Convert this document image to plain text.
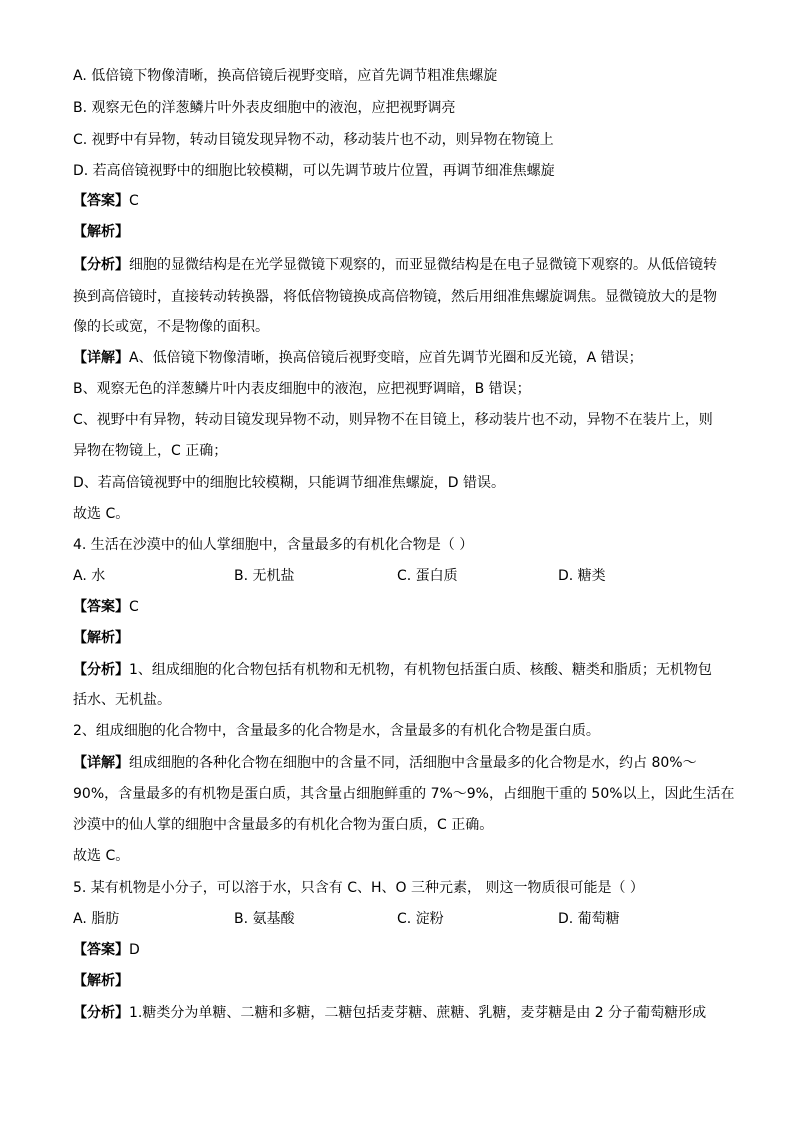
A. 低倍镜下物像清晰，换高倍镜后视野变暗，应首先调节粗准焦螺旋
B. 观察无色的洋葱鳞片叶外表皮细胞中的液泡，应把视野调亮
C. 视野中有异物，转动目镜发现异物不动，移动装片也不动，则异物在物镜上
D. 若高倍镜视野中的细胞比较模糊，可以先调节玻片位置，再调节细准焦螺旋
【答案】C
【解析】
【分析】细胞的显微结构是在光学显微镜下观察的，而亚显微结构是在电子显微镜下观察的。从低倍镜转
换到高倍镜时，直接转动转换器，将低倍物镜换成高倍物镜，然后用细准焦螺旋调焦。显微镜放大的是物
像的长或宽，不是物像的面积。
【详解】A、低倍镜下物像清晰，换高倍镜后视野变暗，应首先调节光圈和反光镜，A 错误；
B、观察无色的洋葱鳞片叶内表皮细胞中的液泡，应把视野调暗，B 错误；
C、视野中有异物，转动目镜发现异物不动，则异物不在目镜上，移动装片也不动，异物不在装片上，则
异物在物镜上，C 正确；
D、若高倍镜视野中的细胞比较模糊，只能调节细准焦螺旋，D 错误。
故选 C。
4. 生活在沙漠中的仙人掌细胞中，含量最多的有机化合物是（ ）
A. 水	B. 无机盐	C. 蛋白质	D. 糖类
【答案】C
【解析】
【分析】1、组成细胞的化合物包括有机物和无机物，有机物包括蛋白质、核酸、糖类和脂质；无机物包
括水、无机盐。
2、组成细胞的化合物中，含量最多的化合物是水，含量最多的有机化合物是蛋白质。
【详解】组成细胞的各种化合物在细胞中的含量不同，活细胞中含量最多的化合物是水，约占 80%～
90%，含量最多的有机物是蛋白质，其含量占细胞鲜重的 7%～9%，占细胞干重的 50%以上，因此生活在
沙漠中的仙人掌的细胞中含量最多的有机化合物为蛋白质，C 正确。
故选 C。
5. 某有机物是小分子，可以溶于水，只含有 C、H、O 三种元素， 则这一物质很可能是（ ）
A. 脂肪	B. 氨基酸	C. 淀粉	D. 葡萄糖
【答案】D
【解析】
【分析】1.糖类分为单糖、二糖和多糖，二糖包括麦芽糖、蔗糖、乳糖，麦芽糖是由 2 分子葡萄糖形成
